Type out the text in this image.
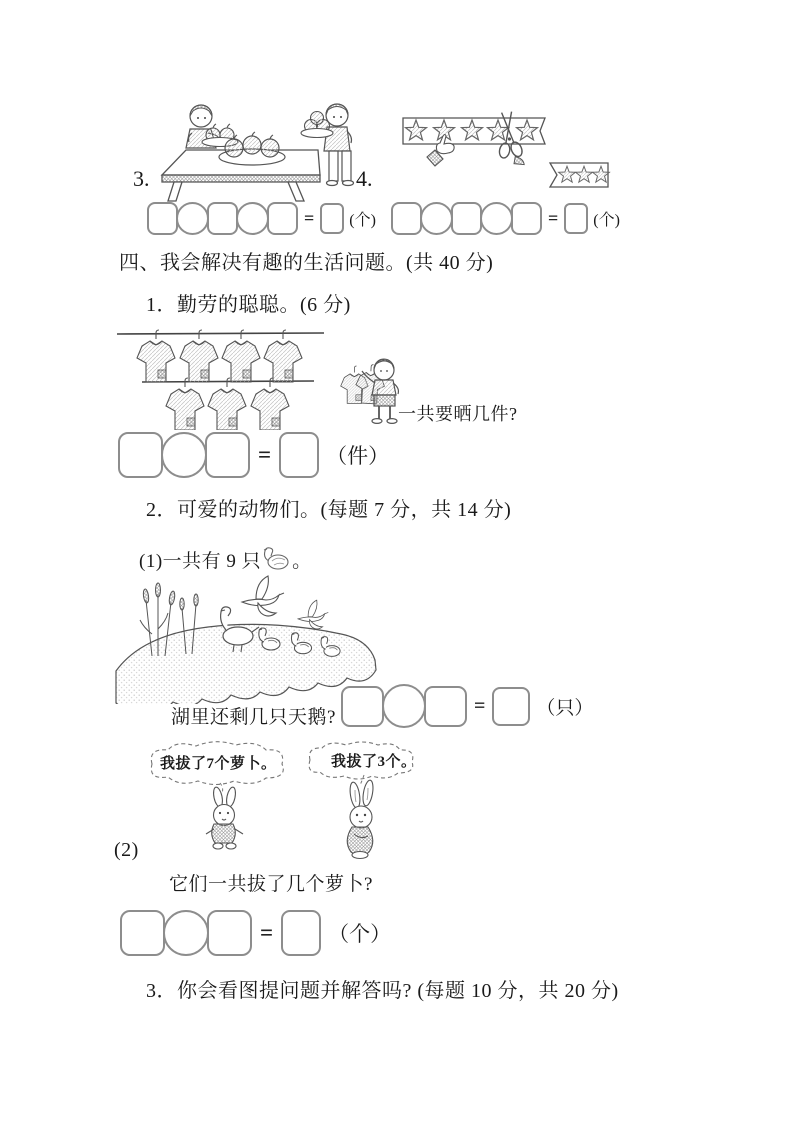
3.	4.
= (个)	= (个)
四、我会解决有趣的生活问题。(共 40 分)
1．勤劳的聪聪。(6 分)
一共要晒几件?
=	（件）
2．可爱的动物们。(每题 7 分，共 14 分)
(1)一共有 9 只 。
湖里还剩几只天鹅?
=	（只）
我拔了7个萝卜。	我拔了3个。
(2)
它们一共拔了几个萝卜?
=	（个）
3．你会看图提问题并解答吗? (每题 10 分，共 20 分)
